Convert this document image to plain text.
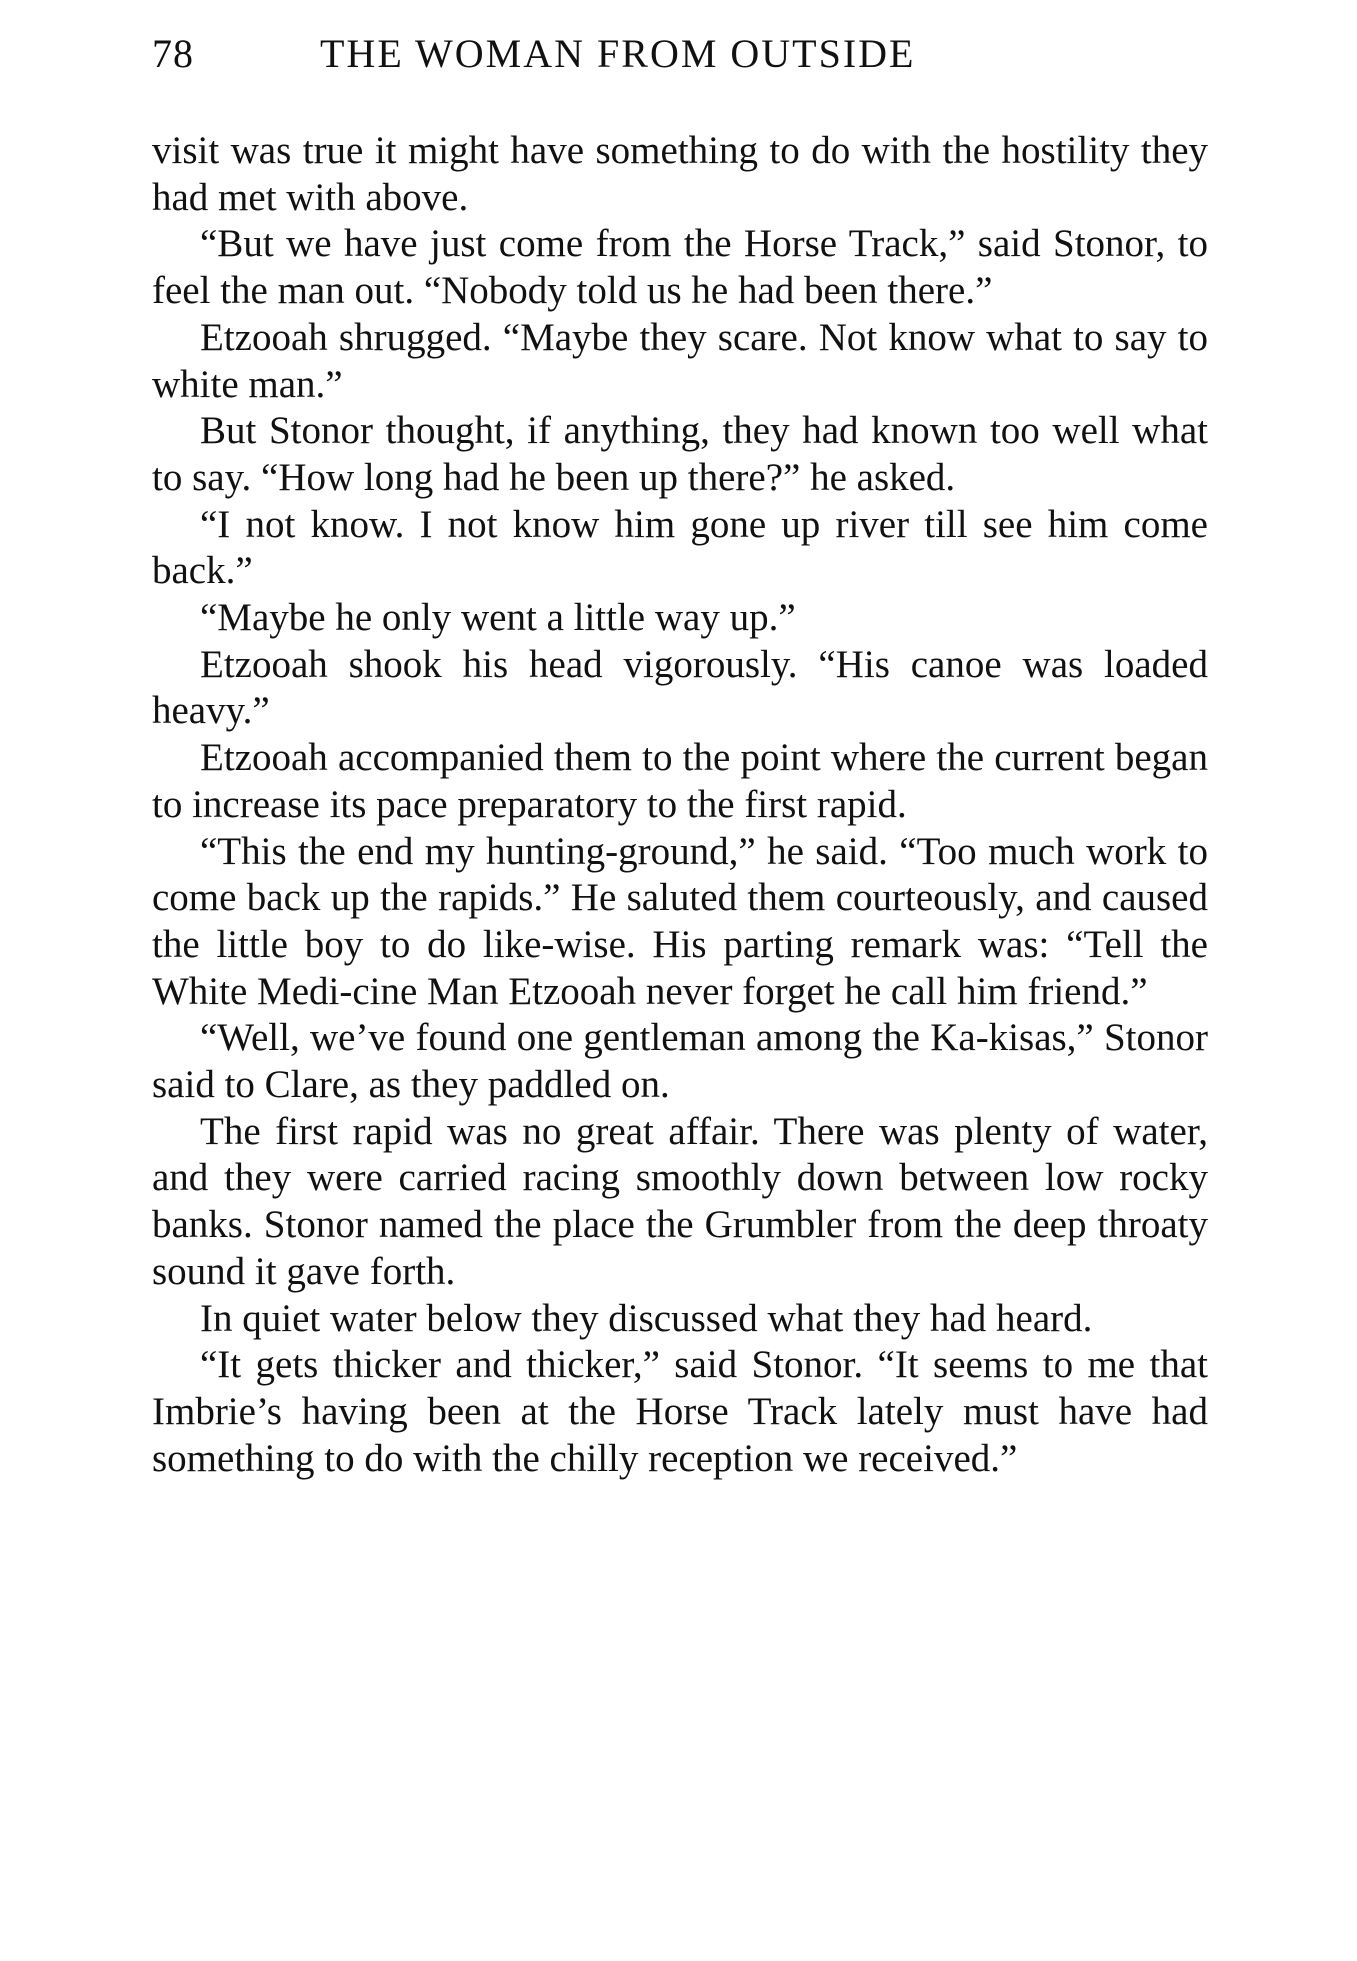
78	THE WOMAN FROM OUTSIDE

visit was true it might have something to do with the hostility they had met with above.

“But we have just come from the Horse Track,” said Stonor, to feel the man out. “Nobody told us he had been there.”

Etzooah shrugged. “Maybe they scare. Not know what to say to white man.”

But Stonor thought, if anything, they had known too well what to say. “How long had he been up there?” he asked.

“I not know. I not know him gone up river till see him come back.”

“Maybe he only went a little way up.”

Etzooah shook his head vigorously. “His canoe was loaded heavy.”

Etzooah accompanied them to the point where the current began to increase its pace preparatory to the first rapid.

“This the end my hunting-ground,” he said. “Too much work to come back up the rapids.” He saluted them courteously, and caused the little boy to do like-wise. His parting remark was: “Tell the White Medi-cine Man Etzooah never forget he call him friend.”

“Well, we’ve found one gentleman among the Ka-kisas,” Stonor said to Clare, as they paddled on.

The first rapid was no great affair. There was plenty of water, and they were carried racing smoothly down between low rocky banks. Stonor named the place the Grumbler from the deep throaty sound it gave forth.

In quiet water below they discussed what they had heard.

“It gets thicker and thicker,” said Stonor. “It seems to me that Imbrie’s having been at the Horse Track lately must have had something to do with the chilly reception we received.”
